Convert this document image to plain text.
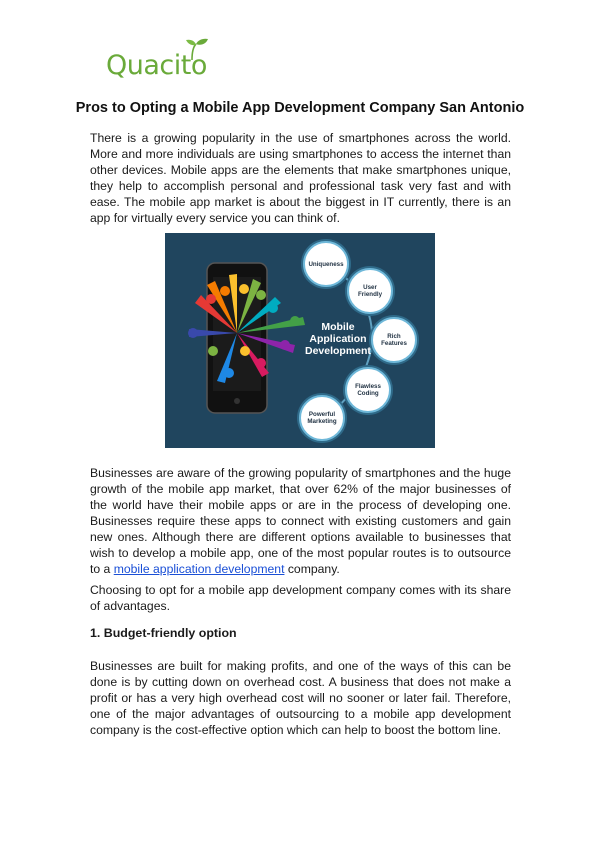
Quacito
Pros to Opting a Mobile App Development Company San Antonio

There is a growing popularity in the use of smartphones across the world. More and more individuals are using smartphones to access the internet than other devices. Mobile apps are the elements that make smartphones unique, they help to accomplish personal and professional task very fast and with ease. The mobile app market is about the biggest in IT currently, there is an app for virtually every service you can think of.

Mobile
Application
Development
Uniqueness

User
Friendly
Rich
Features
Flawless
Coding
Powerful
Marketing

Businesses are aware of the growing popularity of smartphones and the huge growth of the mobile app market, that over 62% of the major businesses of the world have their mobile apps or are in the process of developing one. Businesses require these apps to connect with existing customers and gain new ones. Although there are different options available to businesses that wish to develop a mobile app, one of the most popular routes is to outsource to a mobile application development company.

Choosing to opt for a mobile app development company comes with its share of advantages.

1. Budget-friendly option

Businesses are built for making profits, and one of the ways of this can be done is by cutting down on overhead cost. A business that does not make a profit or has a very high overhead cost will no sooner or later fail. Therefore, one of the major advantages of outsourcing to a mobile app development company is the cost-effective option which can help to boost the bottom line.
